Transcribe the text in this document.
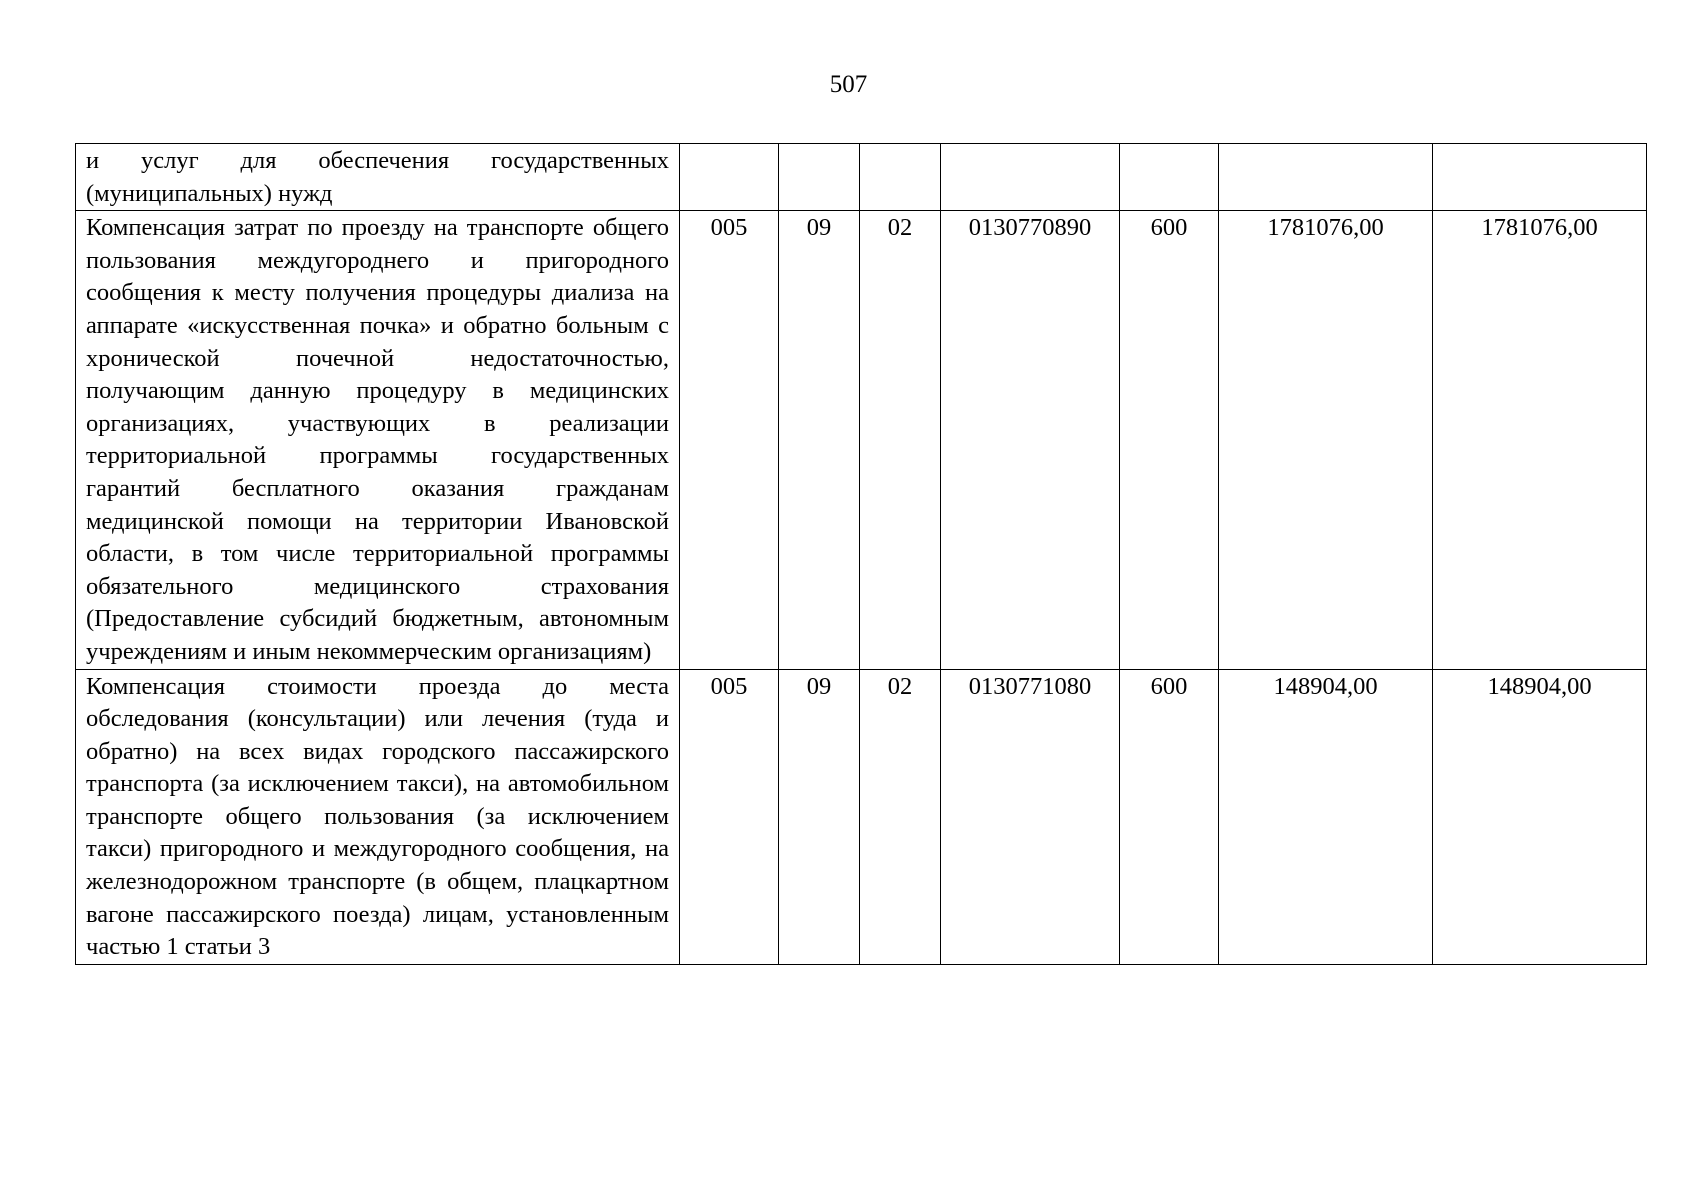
507
и услуг для обеспечения государственных (муниципальных) нужд							

Компенсация затрат по проезду на транспорте общего пользования междугороднего и пригородного сообщения к месту получения процедуры диализа на аппарате «искусственная почка» и обратно больным с хронической почечной недостаточностью, получающим данную процедуру в медицинских организациях, участвующих в реализации территориальной программы государственных гарантий бесплатного оказания гражданам медицинской помощи на территории Ивановской области, в том числе территориальной программы обязательного медицинского страхования (Предоставление субсидий бюджетным, автономным учреждениям и иным некоммерческим организациям)	005	09	02	0130770890	600	1781076,00	1781076,00

Компенсация стоимости проезда до места обследования (консультации) или лечения (туда и обратно) на всех видах городского пассажирского транспорта (за исключением такси), на автомобильном транспорте общего пользования (за исключением такси) пригородного и междугородного сообщения, на железнодорожном транспорте (в общем, плацкартном вагоне пассажирского поезда) лицам, установленным частью 1 статьи 3	005	09	02	0130771080	600	148904,00	148904,00
